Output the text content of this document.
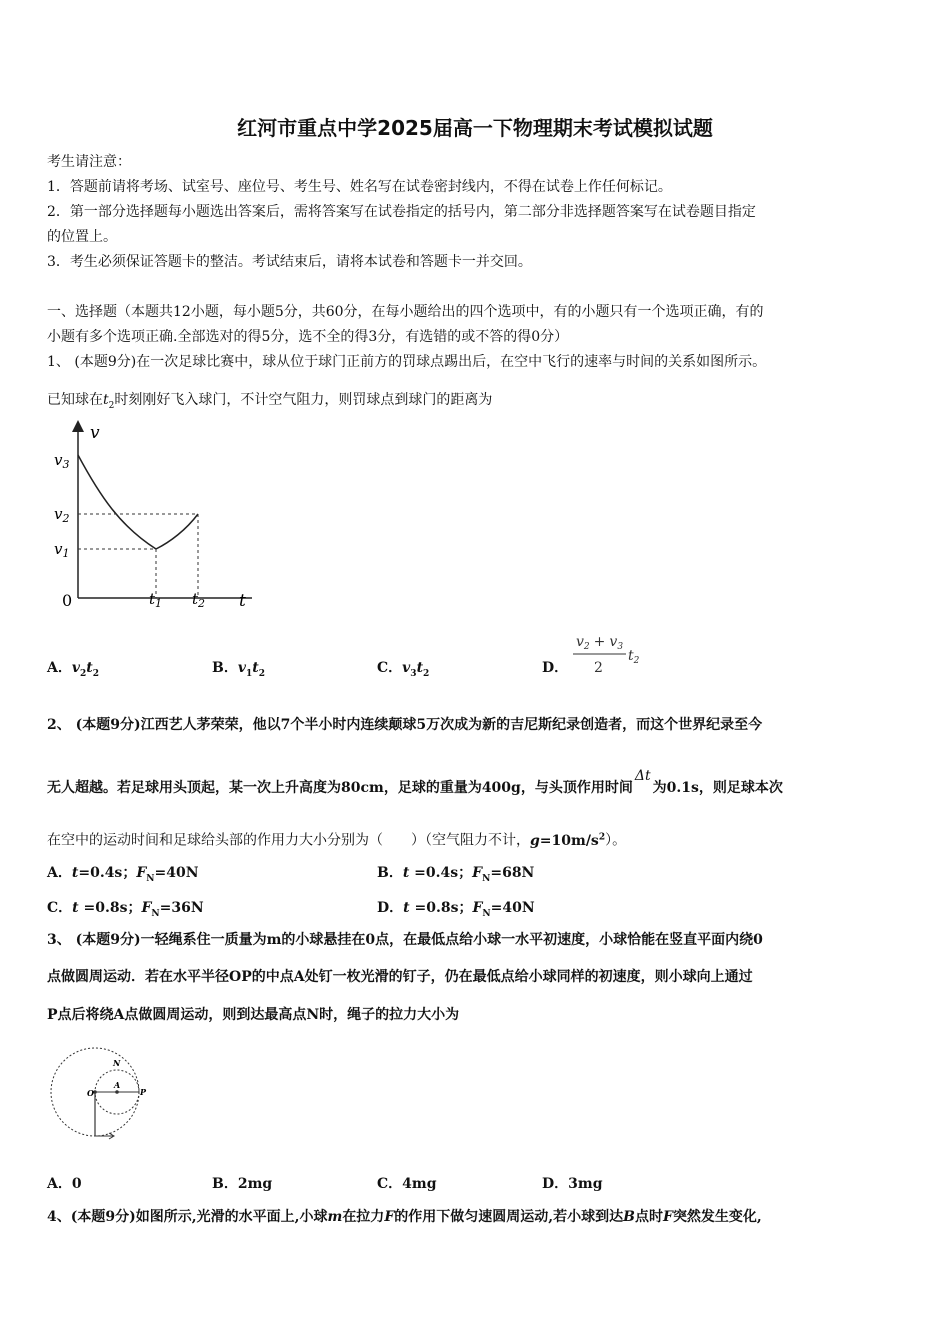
红河市重点中学2025届高一下物理期末考试模拟试题
考生请注意：
1．答题前请将考场、试室号、座位号、考生号、姓名写在试卷密封线内，不得在试卷上作任何标记。
2．第一部分选择题每小题选出答案后，需将答案写在试卷指定的括号内，第二部分非选择题答案写在试卷题目指定
的位置上。
3．考生必须保证答题卡的整洁。考试结束后，请将本试卷和答题卡一并交回。
一、选择题（本题共12小题，每小题5分，共60分，在每小题给出的四个选项中，有的小题只有一个选项正确，有的
小题有多个选项正确.全部选对的得5分，选不全的得3分，有选错的或不答的得0分）
1、 (本题9分)在一次足球比赛中，球从位于球门正前方的罚球点踢出后，在空中飞行的速率与时间的关系如图所示。
已知球在$t_2$时刻刚好飞入球门，不计空气阻力，则罚球点到球门的距离为
v
t
0
$v_3$
$v_2$
$v_1$
$t_1$ $t_2$
A．$v_2t_2$	B．$v_1t_2$	C．$v_3t_2$	D．
$v_2 + v_3$
2
$t_2$
2、 (本题9分)江西艺人茅荣荣，他以7个半小时内连续颠球5万次成为新的吉尼斯纪录创造者，而这个世界纪录至今
无人超越。若足球用头顶起，某一次上升高度为80cm，足球的重量为400g，与头顶作用时间Δt为0.1s，则足球本次
在空中的运动时间和足球给头部的作用力大小分别为（　　）（空气阻力不计，$g=10m/s^2$）。
A．t=0.4s；$F_N=40N$	B．t =0.4s；$F_N=68N$
C．t =0.8s；$F_N=36N$	D．t =0.8s；$F_N=40N$
3、 (本题9分)一轻绳系住一质量为m的小球悬挂在0点，在最低点给小球一水平初速度，小球恰能在竖直平面内绕0
点做圆周运动．若在水平半径OP的中点A处钉一枚光滑的钉子，仍在最低点给小球同样的初速度，则小球向上通过
P点后将绕A点做圆周运动，则到达最高点N时，绳子的拉力大小为
O
A
P
N
A．0	B．2mg	C．4mg	D．3mg
4、(本题9分)如图所示,光滑的水平面上,小球m在拉力F的作用下做匀速圆周运动,若小球到达B点时F突然发生变化,
